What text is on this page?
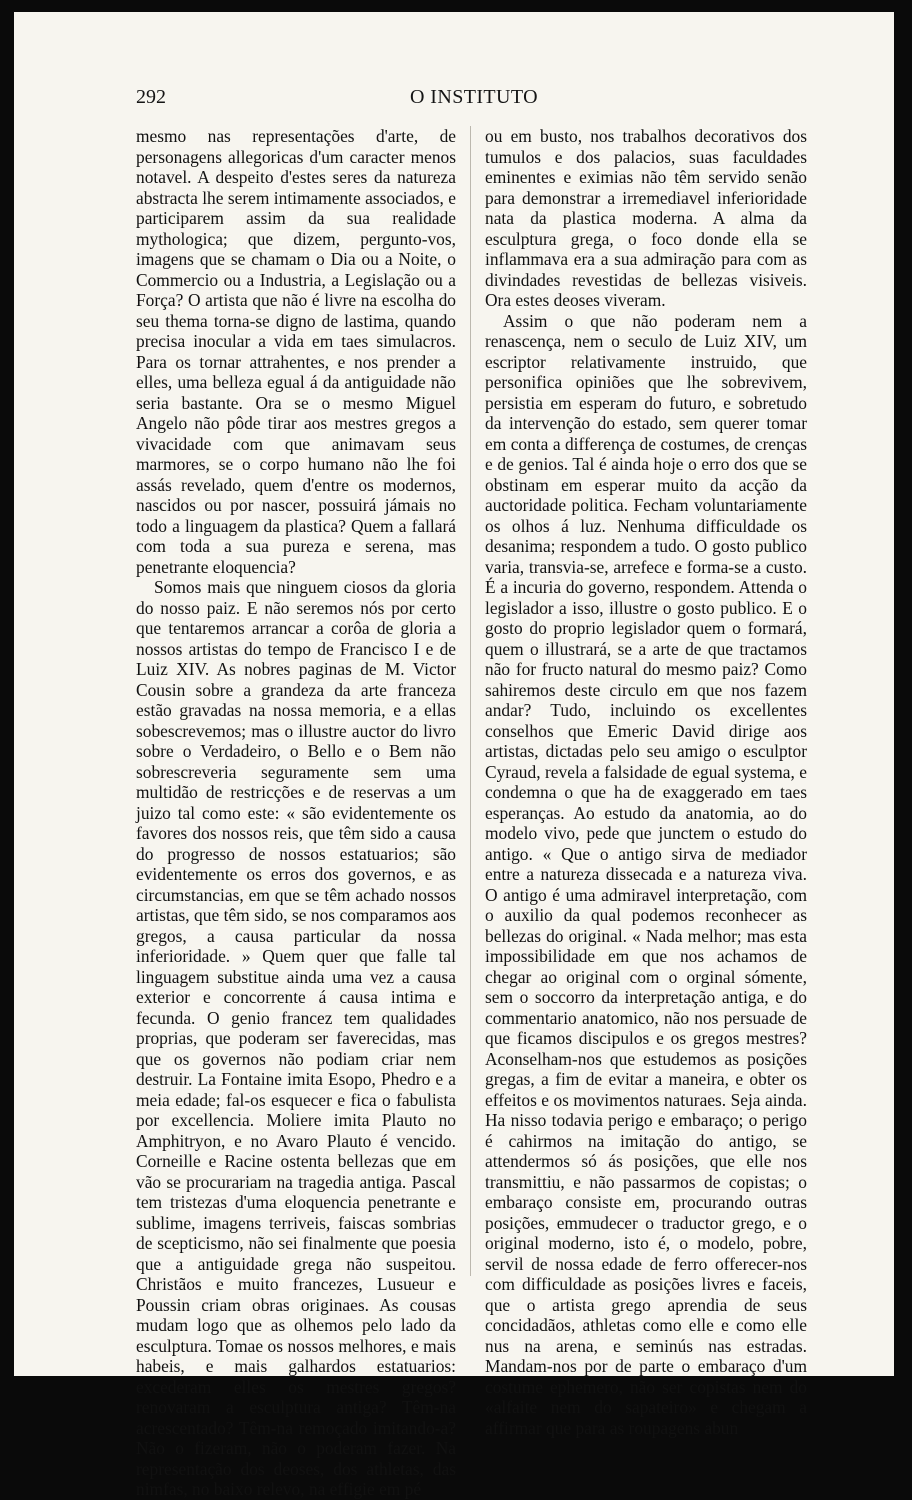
292	O INSTITUTO

mesmo nas representações d'arte, de personagens allegoricas d'um caracter menos notavel. A despeito d'estes seres da natureza abstracta lhe serem intimamente associados, e participarem assim da sua realidade mythologica; que dizem, pergunto-vos, imagens que se chamam o Dia ou a Noite, o Commercio ou a Industria, a Legislação ou a Força? O artista que não é livre na escolha do seu thema torna-se digno de lastima, quando precisa inocular a vida em taes simulacros. Para os tornar attrahentes, e nos prender a elles, uma belleza egual á da antiguidade não seria bastante. Ora se o mesmo Miguel Angelo não pôde tirar aos mestres gregos a vivacidade com que animavam seus marmores, se o corpo humano não lhe foi assás revelado, quem d'entre os modernos, nascidos ou por nascer, possuirá jámais no todo a linguagem da plastica? Quem a fallará com toda a sua pureza e serena, mas penetrante eloquencia?

Somos mais que ninguem ciosos da gloria do nosso paiz. E não seremos nós por certo que tentaremos arrancar a corôa de gloria a nossos artistas do tempo de Francisco I e de Luiz XIV. As nobres paginas de M. Victor Cousin sobre a grandeza da arte franceza estão gravadas na nossa memoria, e a ellas sobescrevemos; mas o illustre auctor do livro sobre o Verdadeiro, o Bello e o Bem não sobrescreveria seguramente sem uma multidão de restricções e de reservas a um juizo tal como este: « são evidentemente os favores dos nossos reis, que têm sido a causa do progresso de nossos estatuarios; são evidentemente os erros dos governos, e as circumstancias, em que se têm achado nossos artistas, que têm sido, se nos comparamos aos gregos, a causa particular da nossa inferioridade. » Quem quer que falle tal linguagem substitue ainda uma vez a causa exterior e concorrente á causa intima e fecunda. O genio francez tem qualidades proprias, que poderam ser faverecidas, mas que os governos não podiam criar nem destruir. La Fontaine imita Esopo, Phedro e a meia edade; fal-os esquecer e fica o fabulista por excellencia. Moliere imita Plauto no Amphitryon, e no Avaro Plauto é vencido. Corneille e Racine ostenta bellezas que em vão se procurariam na tragedia antiga. Pascal tem tristezas d'uma eloquencia penetrante e sublime, imagens terriveis, faiscas sombrias de scepticismo, não sei finalmente que poesia que a antiguidade grega não suspeitou. Christãos e muito francezes, Lusueur e Poussin criam obras originaes. As cousas mudam logo que as olhemos pelo lado da esculptura. Tomae os nossos melhores, e mais habeis, e mais galhardos estatuarios: excederam elles os mestres gregos? renovaram a esculptura antiga? Têm-na acrescentado? Têm-na remoçado imitando-a? Não o fizeram, não o poderam fazer. Na representação dos deoses, dos athletas, das nimfas, no baixo relevo, na effigie em pé

ou em busto, nos trabalhos decorativos dos tumulos e dos palacios, suas faculdades eminentes e eximias não têm servido senão para demonstrar a irremediavel inferioridade nata da plastica moderna. A alma da esculptura grega, o foco donde ella se inflammava era a sua admiração para com as divindades revestidas de bellezas visiveis. Ora estes deoses viveram.

Assim o que não poderam nem a renascença, nem o seculo de Luiz XIV, um escriptor relativamente instruido, que personifica opiniões que lhe sobrevivem, persistia em esperam do futuro, e sobretudo da intervenção do estado, sem querer tomar em conta a differença de costumes, de crenças e de genios. Tal é ainda hoje o erro dos que se obstinam em esperar muito da acção da auctoridade politica. Fecham voluntariamente os olhos á luz. Nenhuma difficuldade os desanima; respondem a tudo. O gosto publico varia, transvia-se, arrefece e forma-se a custo. É a incuria do governo, respondem. Attenda o legislador a isso, illustre o gosto publico. E o gosto do proprio legislador quem o formará, quem o illustrará, se a arte de que tractamos não for fructo natural do mesmo paiz? Como sahiremos deste circulo em que nos fazem andar? Tudo, incluindo os excellentes conselhos que Emeric David dirige aos artistas, dictadas pelo seu amigo o esculptor Cyraud, revela a falsidade de egual systema, e condemna o que ha de exaggerado em taes esperanças. Ao estudo da anatomia, ao do modelo vivo, pede que junctem o estudo do antigo. « Que o antigo sirva de mediador entre a natureza dissecada e a natureza viva. O antigo é uma admiravel interpretação, com o auxilio da qual podemos reconhecer as bellezas do original. « Nada melhor; mas esta impossibilidade em que nos achamos de chegar ao original com o orginal sómente, sem o soccorro da interpretação antiga, e do commentario anatomico, não nos persuade de que ficamos discipulos e os gregos mestres? Aconselham-nos que estudemos as posições gregas, a fim de evitar a maneira, e obter os effeitos e os movimentos naturaes. Seja ainda. Ha nisso todavia perigo e embaraço; o perigo é cahirmos na imitação do antigo, se attendermos só ás posições, que elle nos transmittiu, e não passarmos de copistas; o embaraço consiste em, procurando outras posições, emmudecer o traductor grego, e o original moderno, isto é, o modelo, pobre, servil de nossa edade de ferro offerecer-nos com difficuldade as posições livres e faceis, que o artista grego aprendia de seus concidadãos, athletas como elle e como elle nus na arena, e seminús nas estradas. Mandam-nos por de parte o embaraço d'um costume ephemero, não ser copistas nem do «alfaite nem do sapateiro» e chegam a affirmar que para as roupagens abun
